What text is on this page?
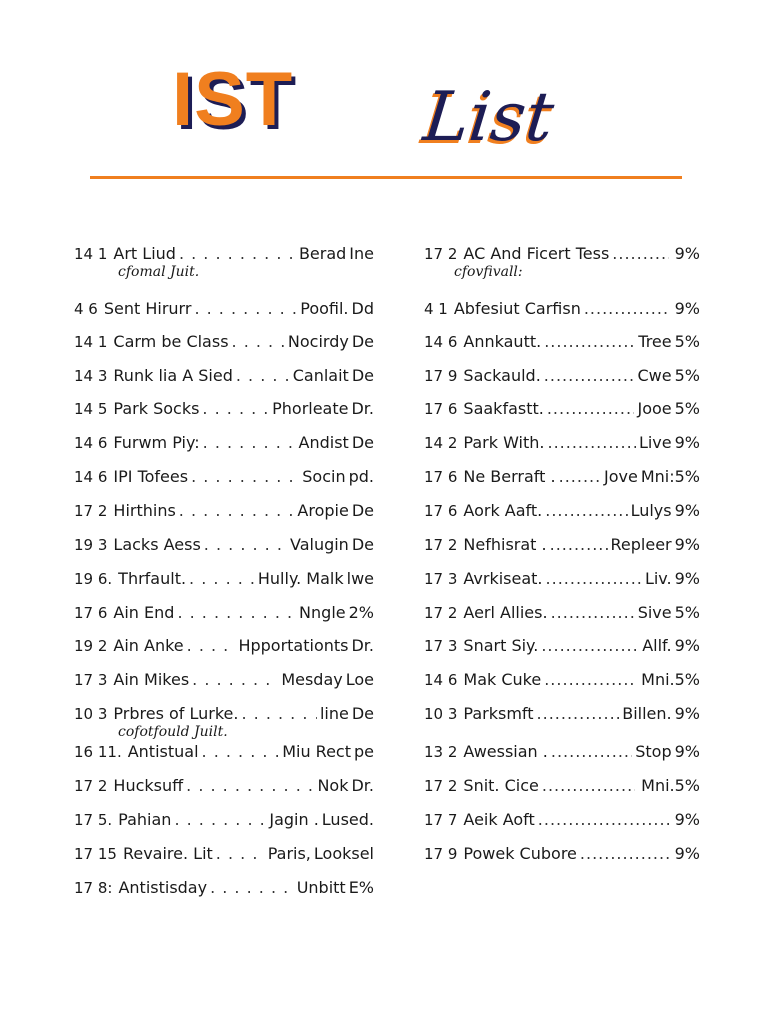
IST List
14 1 Art Liud . . .	Berad Ine
cfomal Juit.
4 6 Sent Hirurr . . .	Poofil. Dd
14 1 Carm be Class . . .	Nocirdy De
14 3 Runk lia A Sied . . .	Canlait De
14 5 Park Socks . . .	Phorleate Dr.
14 6 Furwm Piy: . . .	Andist De
14 6 IPI Tofees . . .	Socin pd.
17 2 Hirthins . . .	Aropie De
19 3 Lacks Aess . . .	Valugin De
19 6. Thrfault. . . .	Hully. Malk lwe
17 6 Ain End . . .	Nngle 2%
19 2 Ain Anke . . .	Hpportationts Dr.
17 3 Ain Mikes . . .	Mesday Loe
10 3 Prbres of Lurke. . . .	line De
cofotfould Juilt.
16 11. Antistual . . .	Miu Rect pe
17 2 Hucksuff . . .	Nok Dr.
17 5. Pahian . . .	Jagin . Lused.
17 15 Revaire. Lit . . .	Paris, Looksel
17 8: Antistisday . . .	Unbitt E%
17 2 AC And Ficert Tess .....	9%
cfovfivall:
4 1 Abfesiut Carfisn .....	9%
14 6 Annkautt. .....	Tree 5%
17 9 Sackauld. .....	Cwe 5%
17 6 Saakfastt. .....	Jooe 5%
14 2 Park With. .....	Live 9%
17 6 Ne Berraft . .....	Jove Mni:5%
17 6 Aork Aaft. .....	Lulys 9%
17 2 Nefhisrat . .....	Repleer 9%
17 3 Avrkiseat. .....	Liv. 9%
17 2 Aerl Allies. .....	Sive 5%
17 3 Snart Siy. .....	Allf. 9%
14 6 Mak Cuke .....	Mni.5%
10 3 Parksmft .....	Billen. 9%
13 2 Awessian . .....	Stop 9%
17 2 Snit. Cice .....	Mni.5%
17 7 Aeik Aoft .....	9%
17 9 Powek Cubore .....	9%
